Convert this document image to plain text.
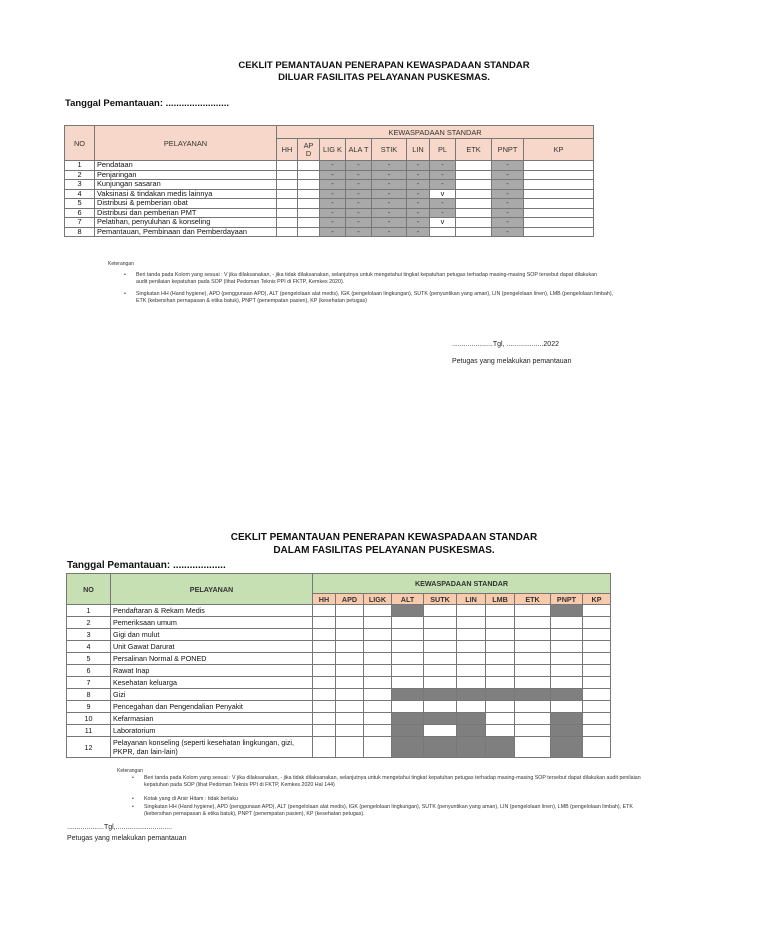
CEKLIT PEMANTAUAN PENERAPAN KEWASPADAAN STANDAR
DILUAR FASILITAS PELAYANAN PUSKESMAS.
Tanggal Pemantauan: ........................
NO	PELAYANAN	KEWASPADAAN STANDAR									
		HH	AP D	LIG K	ALA T	STIK	LIN	PL	ETK	PNPT	KP
1	Pendataan			-	-	-	-	-		-	
2	Penjaringan			-	-	-	-	-		-	
3	Kunjungan sasaran			-	-	-	-	-		-	
4	Vaksinasi & tindakan medis lainnya			-	-	-	-	v		-	
5	Distribusi & pemberian obat			-	-	-	-	-		-	
6	Distribusi dan pemberian PMT			-	-	-	-	-		-	
7	Pelatihan, penyuluhan & konseling			-	-	-	-	v		-	
8	Pemantauan, Pembinaan dan Pemberdayaan			-	-	-	-			-	
Keterangan
• Beri tanda pada Kolom yang sesuai : V jika dilaksanakan, - jika tidak dilaksanakan, selanjutnya untuk mengetahui tingkat kepatuhan petugas terhadap masing-masing SOP tersebut dapat dilakukan audit penilaian kepatuhan pada SOP (lihat Pedoman Teknis PPI di FKTP, Kemkes 2020).
• Singkatan HH (Hand hygiene), APD (penggunaan APD), ALT (pengelolaan alat medis), IGK (pengelolaan lingkungan), SUTK (penyuntikan yang aman), LIN (pengelolaan linen), LMB (pengelolaan limbah), ETK (kebersihan pernapasan & etika batuk), PNPT (penempatan pasien), KP (kesehatan petugas)
.....................Tgl, ...................2022
Petugas yang melakukan pemantauan
CEKLIT PEMANTAUAN PENERAPAN KEWASPADAAN STANDAR
DALAM FASILITAS PELAYANAN PUSKESMAS.
Tanggal Pemantauan: ...................
NO	PELAYANAN	KEWASPADAAN STANDAR									
		HH	APD	LIGK	ALT	SUTK	LIN	LMB	ETK	PNPT	KP
1	Pendaftaran & Rekam Medis										
2	Pemeriksaan umum										
3	Gigi dan mulut										
4	Unit Gawat Darurat										
5	Persalinan Normal & PONED										
6	Rawat Inap										
7	Kesehatan keluarga										
8	Gizi										
9	Pencegahan dan Pengendalian Penyakit										
10	Kefarmasian										
11	Laboratorium										
12	Pelayanan konseling (seperti kesehatan lingkungan, gizi, PKPR, dan lain-lain)										
Keterangan
• Beri tanda pada Kolom yang sesuai : V jika dilaksanakan, - jika tidak dilaksanakan, selanjutnya untuk mengetahui tingkat kepatuhan petugas terhadap masing-masing SOP tersebut dapat dilakukan audit penilaian kepatuhan pada SOP (lihat Pedoman Teknis PPI di FKTP, Kemkes 2020 Hal 144)
• Kotak yang di Arsir Hitam : tidak berlaku
• Singkatan HH (Hand hygiene), APD (penggunaan APD), ALT (pengelolaan alat medis), IGK (pengelolaan lingkungan), SUTK (penyuntikan yang aman), LIN (pengelolaan linen), LMB (pengelolaan limbah), ETK (kebersihan pernapasan & etika batuk), PNPT (penempatan pasien), KP (kesehatan petugas).
...................Tgl,.............................
Petugas yang melakukan pemantauan
